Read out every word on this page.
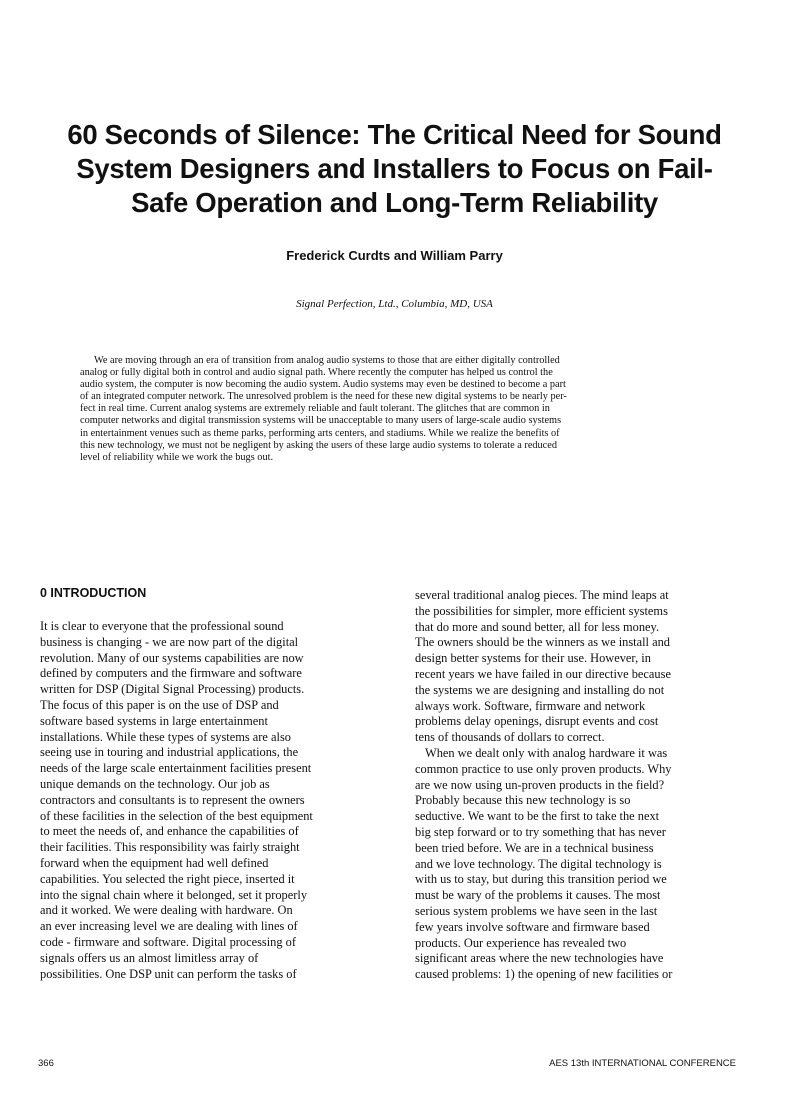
60 Seconds of Silence: The Critical Need for Sound
System Designers and Installers to Focus on Fail-
Safe Operation and Long-Term Reliability

Frederick Curdts and William Parry

Signal Perfection, Ltd., Columbia, MD, USA

We are moving through an era of transition from analog audio systems to those that are either digitally controlled
analog or fully digital both in control and audio signal path. Where recently the computer has helped us control the
audio system, the computer is now becoming the audio system. Audio systems may even be destined to become a part
of an integrated computer network. The unresolved problem is the need for these new digital systems to be nearly per-
fect in real time. Current analog systems are extremely reliable and fault tolerant. The glitches that are common in
computer networks and digital transmission systems will be unacceptable to many users of large-scale audio systems
in entertainment venues such as theme parks, performing arts centers, and stadiums. While we realize the benefits of
this new technology, we must not be negligent by asking the users of these large audio systems to tolerate a reduced
level of reliability while we work the bugs out.
0 INTRODUCTION
It is clear to everyone that the professional sound
business is changing - we are now part of the digital
revolution. Many of our systems capabilities are now
defined by computers and the firmware and software
written for DSP (Digital Signal Processing) products.
The focus of this paper is on the use of DSP and
software based systems in large entertainment
installations. While these types of systems are also
seeing use in touring and industrial applications, the
needs of the large scale entertainment facilities present
unique demands on the technology. Our job as
contractors and consultants is to represent the owners
of these facilities in the selection of the best equipment
to meet the needs of, and enhance the capabilities of
their facilities. This responsibility was fairly straight
forward when the equipment had well defined
capabilities. You selected the right piece, inserted it
into the signal chain where it belonged, set it properly
and it worked. We were dealing with hardware. On
an ever increasing level we are dealing with lines of
code - firmware and software. Digital processing of
signals offers us an almost limitless array of
possibilities. One DSP unit can perform the tasks of
several traditional analog pieces. The mind leaps at
the possibilities for simpler, more efficient systems
that do more and sound better, all for less money.
The owners should be the winners as we install and
design better systems for their use. However, in
recent years we have failed in our directive because
the systems we are designing and installing do not
always work. Software, firmware and network
problems delay openings, disrupt events and cost
tens of thousands of dollars to correct.
When we dealt only with analog hardware it was
common practice to use only proven products. Why
are we now using un-proven products in the field?
Probably because this new technology is so
seductive. We want to be the first to take the next
big step forward or to try something that has never
been tried before. We are in a technical business
and we love technology. The digital technology is
with us to stay, but during this transition period we
must be wary of the problems it causes. The most
serious system problems we have seen in the last
few years involve software and firmware based
products. Our experience has revealed two
significant areas where the new technologies have
caused problems: 1) the opening of new facilities or
366	AES 13th INTERNATIONAL CONFERENCE
